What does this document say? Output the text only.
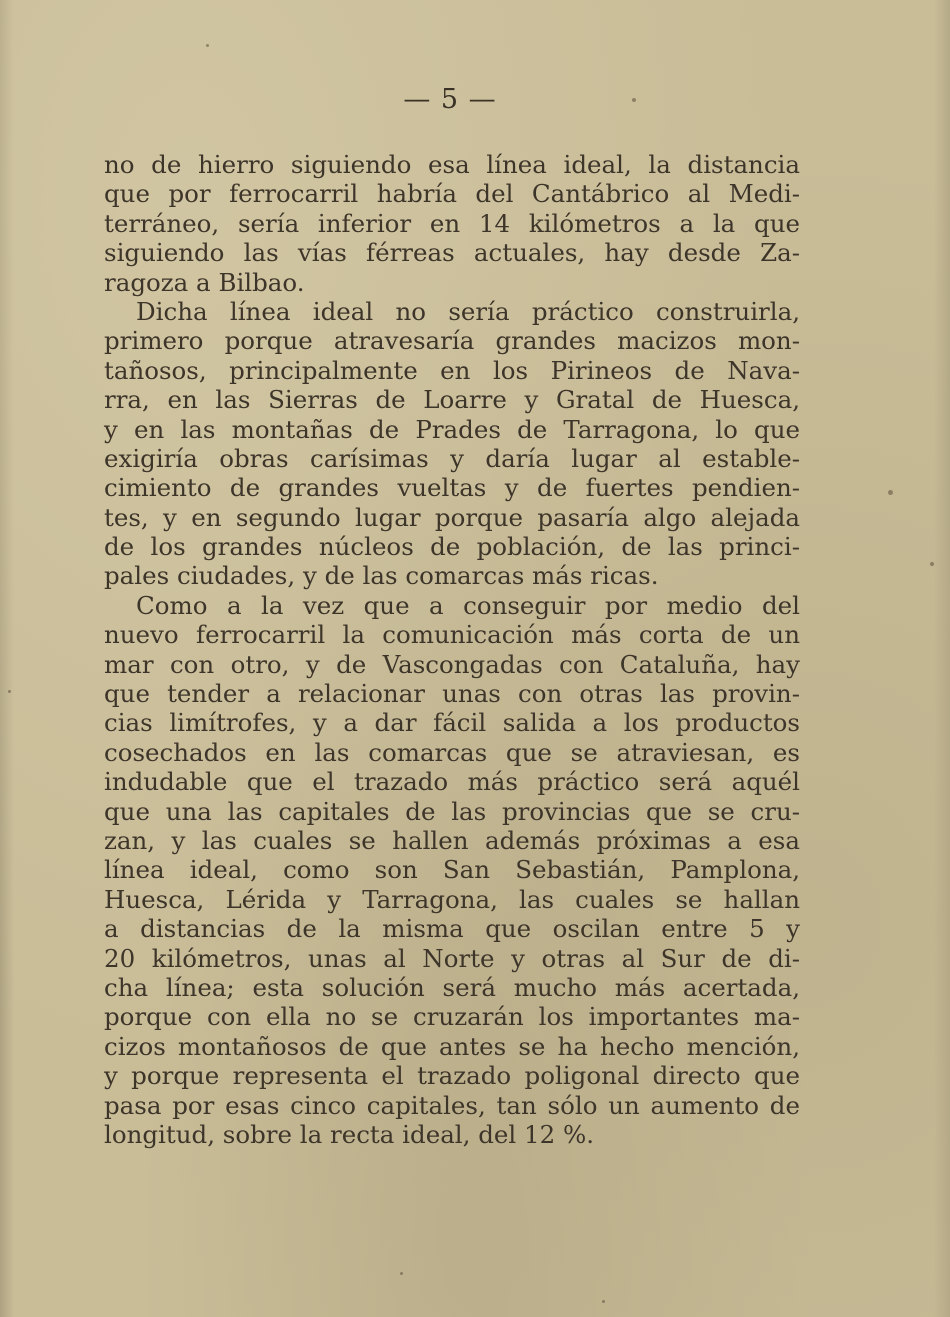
— 5 —
no de hierro siguiendo esa línea ideal, la distancia
que por ferrocarril habría del Cantábrico al Medi-
terráneo, sería inferior en 14 kilómetros a la que
siguiendo las vías férreas actuales, hay desde Za-
ragoza a Bilbao.
Dicha línea ideal no sería práctico construirla,
primero porque atravesaría grandes macizos mon-
tañosos, principalmente en los Pirineos de Nava-
rra, en las Sierras de Loarre y Gratal de Huesca,
y en las montañas de Prades de Tarragona, lo que
exigiría obras carísimas y daría lugar al estable-
cimiento de grandes vueltas y de fuertes pendien-
tes, y en segundo lugar porque pasaría algo alejada
de los grandes núcleos de población, de las princi-
pales ciudades, y de las comarcas más ricas.
Como a la vez que a conseguir por medio del
nuevo ferrocarril la comunicación más corta de un
mar con otro, y de Vascongadas con Cataluña, hay
que tender a relacionar unas con otras las provin-
cias limítrofes, y a dar fácil salida a los productos
cosechados en las comarcas que se atraviesan, es
indudable que el trazado más práctico será aquél
que una las capitales de las provincias que se cru-
zan, y las cuales se hallen además próximas a esa
línea ideal, como son San Sebastián, Pamplona,
Huesca, Lérida y Tarragona, las cuales se hallan
a distancias de la misma que oscilan entre 5 y
20 kilómetros, unas al Norte y otras al Sur de di-
cha línea; esta solución será mucho más acertada,
porque con ella no se cruzarán los importantes ma-
cizos montañosos de que antes se ha hecho mención,
y porque representa el trazado poligonal directo que
pasa por esas cinco capitales, tan sólo un aumento de
longitud, sobre la recta ideal, del 12 %.
